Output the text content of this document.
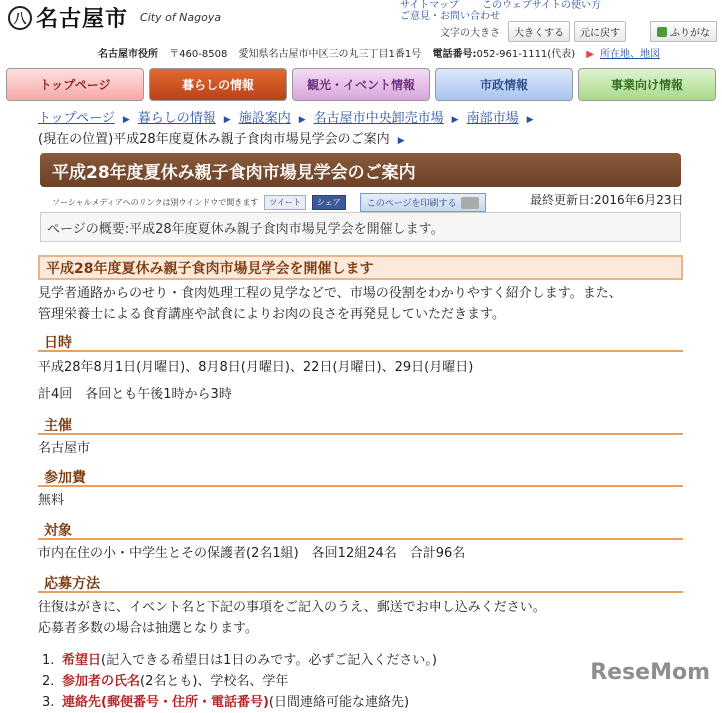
サイトマップ このウェブサイトの使い方 ご意見・お問い合わせ
八 名古屋市 City of Nagoya
文字の大きさ	大きくする	元に戻す	ふりがな
名古屋市役所 〒460-8508 愛知県名古屋市中区三の丸三丁目1番1号 電話番号:052-961-1111(代表) ▶ 所在地、地図
トップページ	暮らしの情報	観光・イベント情報	市政情報	事業向け情報
トップページ ▶ 暮らしの情報 ▶ 施設案内 ▶ 名古屋市中央卸売市場 ▶ 南部市場 ▶
(現在の位置)平成28年度夏休み親子食肉市場見学会のご案内 ▶
平成28年度夏休み親子食肉市場見学会のご案内
ソーシャルメディアへのリンクは別ウインドウで開きます	ツイート	シェア	このページを印刷する	最終更新日:2016年6月23日
ページの概要:平成28年度夏休み親子食肉市場見学会を開催します。
平成28年度夏休み親子食肉市場見学会を開催します
見学者通路からのせり・食肉処理工程の見学などで、市場の役割をわかりやすく紹介します。また、
管理栄養士による食育講座や試食によりお肉の良さを再発見していただきます。
日時
平成28年8月1日(月曜日)、8月8日(月曜日)、22日(月曜日)、29日(月曜日)
計4回　各回とも午後1時から3時
主催
名古屋市
参加費
無料
対象
市内在住の小・中学生とその保護者(2名1組)　各回12組24名　合計96名
応募方法
往復はがきに、イベント名と下記の事項をご記入のうえ、郵送でお申し込みください。
応募者多数の場合は抽選となります。
1. 希望日(記入できる希望日は1日のみです。必ずご記入ください。)
2. 参加者の氏名(2名とも)、学校名、学年
3. 連絡先(郵便番号・住所・電話番号)(日間連絡可能な連絡先)
ReseMom
